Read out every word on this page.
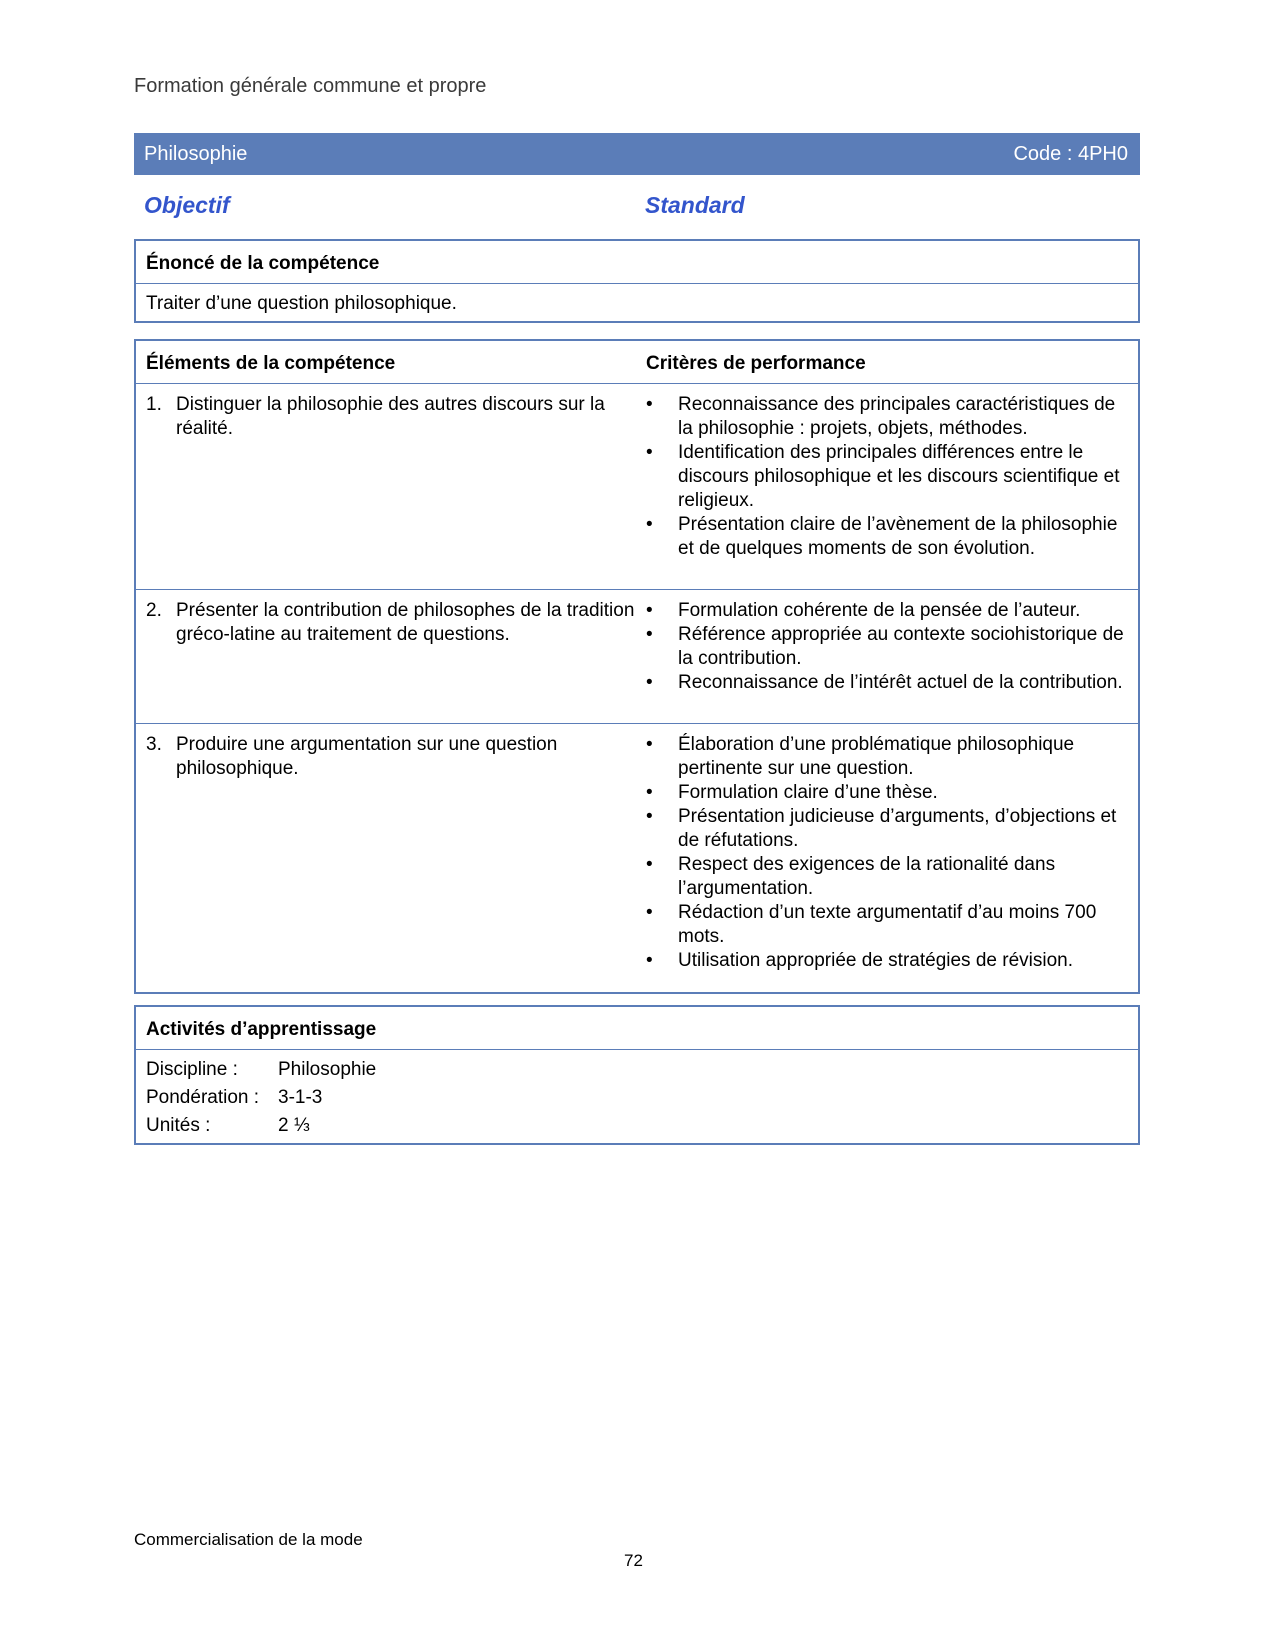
Formation générale commune et propre
Philosophie	Code : 4PH0
Objectif	Standard
Énoncé de la compétence
Traiter d’une question philosophique.
Éléments de la compétence	Critères de performance
1. Distinguer la philosophie des autres discours sur la réalité.
• Reconnaissance des principales caractéristiques de la philosophie : projets, objets, méthodes.
• Identification des principales différences entre le discours philosophique et les discours scientifique et religieux.
• Présentation claire de l’avènement de la philosophie et de quelques moments de son évolution.
2. Présenter la contribution de philosophes de la tradition gréco-latine au traitement de questions.
• Formulation cohérente de la pensée de l’auteur.
• Référence appropriée au contexte sociohistorique de la contribution.
• Reconnaissance de l’intérêt actuel de la contribution.
3. Produire une argumentation sur une question philosophique.
• Élaboration d’une problématique philosophique pertinente sur une question.
• Formulation claire d’une thèse.
• Présentation judicieuse d’arguments, d’objections et de réfutations.
• Respect des exigences de la rationalité dans l’argumentation.
• Rédaction d’un texte argumentatif d’au moins 700 mots.
• Utilisation appropriée de stratégies de révision.
Activités d’apprentissage
Discipline : Philosophie
Pondération : 3-1-3
Unités :	2 ⅓
Commercialisation de la mode
72
